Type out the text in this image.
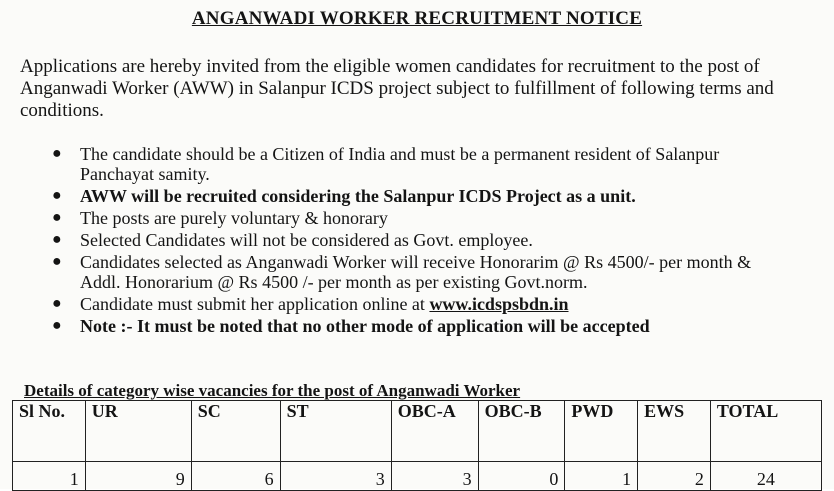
ANGANWADI WORKER RECRUITMENT NOTICE
Applications are hereby invited from the eligible women candidates for recruitment to the post of Anganwadi Worker (AWW) in Salanpur ICDS project subject to fulfillment of following terms and conditions.
● The candidate should be a Citizen of India and must be a permanent resident of Salanpur Panchayat samity.
● AWW will be recruited considering the Salanpur ICDS Project as a unit.
● The posts are purely voluntary & honorary
● Selected Candidates will not be considered as Govt. employee.
● Candidates selected as Anganwadi Worker will receive Honorarim @ Rs 4500/- per month & Addl. Honorarium @ Rs 4500 /- per month as per existing Govt.norm.
● Candidate must submit her application online at www.icdspsbdn.in
● Note :- It must be noted that no other mode of application will be accepted
Details of category wise vacancies for the post of Anganwadi Worker
Sl No.	UR	SC	ST	OBC-A	OBC-B	PWD	EWS	TOTAL
1	9	6	3	3	0	1	2	24
